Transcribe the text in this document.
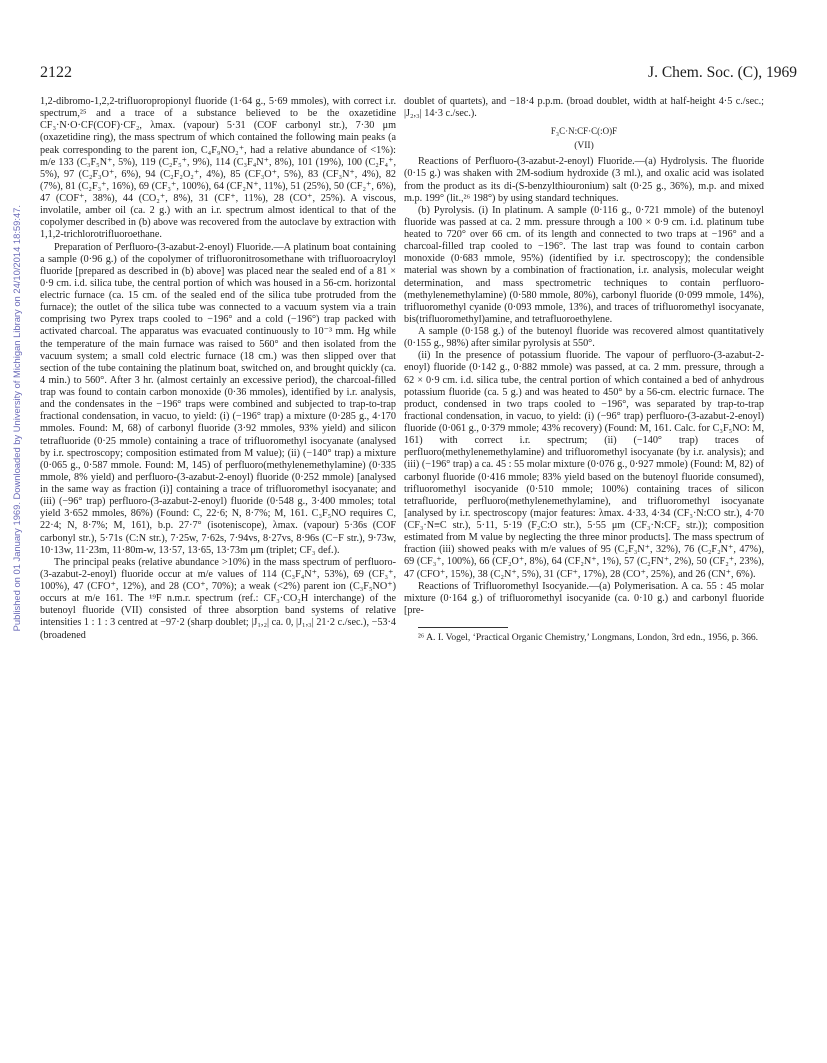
Published on 01 January 1969. Downloaded by University of Michigan Library on 24/10/2014 18:59:47.
2122	J. Chem. Soc. (C), 1969

1,2-dibromo-1,2,2-trifluoropropionyl fluoride (1·64 g., 5·69 mmoles), with correct i.r. spectrum,²⁵ and a trace of a substance believed to be the oxazetidine CF₃·N·O·CF(COF)·CF₂, λmax. (vapour) 5·31 (COF carbonyl str.), 7·30 μm (oxazetidine ring), the mass spectrum of which contained the following main peaks (a peak corresponding to the parent ion, C₄F₉NO₂⁺, had a relative abundance of <1%): m/e 133 (C₃F₅N⁺, 5%), 119 (C₂F₅⁺, 9%), 114 (C₃F₄N⁺, 8%), 101 (19%), 100 (C₂F₄⁺, 5%), 97 (C₂F₃O⁺, 6%), 94 (C₂F₂O₂⁺, 4%), 85 (CF₃O⁺, 5%), 83 (CF₃N⁺, 4%), 82 (7%), 81 (C₂F₃⁺, 16%), 69 (CF₃⁺, 100%), 64 (CF₂N⁺, 11%), 51 (25%), 50 (CF₂⁺, 6%), 47 (COF⁺, 38%), 44 (CO₂⁺, 8%), 31 (CF⁺, 11%), 28 (CO⁺, 25%). A viscous, involatile, amber oil (ca. 2 g.) with an i.r. spectrum almost identical to that of the copolymer described in (b) above was recovered from the autoclave by extraction with 1,1,2-trichlorotrifluoroethane.

Preparation of Perfluoro-(3-azabut-2-enoyl) Fluoride.—A platinum boat containing a sample (0·96 g.) of the copolymer of trifluoronitrosomethane with trifluoroacryloyl fluoride [prepared as described in (b) above] was placed near the sealed end of a 81 × 0·9 cm. i.d. silica tube, the central portion of which was housed in a 56-cm. horizontal electric furnace (ca. 15 cm. of the sealed end of the silica tube protruded from the furnace); the outlet of the silica tube was connected to a vacuum system via a train comprising two Pyrex traps cooled to −196° and a cold (−196°) trap packed with activated charcoal. The apparatus was evacuated continuously to 10⁻³ mm. Hg while the temperature of the main furnace was raised to 560° and then isolated from the vacuum system; a small cold electric furnace (18 cm.) was then slipped over that section of the tube containing the platinum boat, switched on, and brought quickly (ca. 4 min.) to 560°. After 3 hr. (almost certainly an excessive period), the charcoal-filled trap was found to contain carbon monoxide (0·36 mmoles), identified by i.r. analysis, and the condensates in the −196° traps were combined and subjected to trap-to-trap fractional condensation, in vacuo, to yield: (i) (−196° trap) a mixture (0·285 g., 4·170 mmoles. Found: M, 68) of carbonyl fluoride (3·92 mmoles, 93% yield) and silicon tetrafluoride (0·25 mmole) containing a trace of trifluoromethyl isocyanate (analysed by i.r. spectroscopy; composition estimated from M value); (ii) (−140° trap) a mixture (0·065 g., 0·587 mmole. Found: M, 145) of perfluoro(methylenemethylamine) (0·335 mmole, 8% yield) and perfluoro-(3-azabut-2-enoyl) fluoride (0·252 mmole) [analysed in the same way as fraction (i)] containing a trace of trifluoromethyl isocyanate; and (iii) (−96° trap) perfluoro-(3-azabut-2-enoyl) fluoride (0·548 g., 3·400 mmoles; total yield 3·652 mmoles, 86%) (Found: C, 22·6; N, 8·7%; M, 161. C₃F₅NO requires C, 22·4; N, 8·7%; M, 161), b.p. 27·7° (isoteniscope), λmax. (vapour) 5·36s (COF carbonyl str.), 5·71s (C:N str.), 7·25w, 7·62s, 7·94vs, 8·27vs, 8·96s (C−F str.), 9·73w, 10·13w, 11·23m, 11·80m-w, 13·57, 13·65, 13·73m μm (triplet; CF₃ def.).

The principal peaks (relative abundance >10%) in the mass spectrum of perfluoro-(3-azabut-2-enoyl) fluoride occur at m/e values of 114 (C₃F₄N⁺, 53%), 69 (CF₃⁺, 100%), 47 (CFO⁺, 12%), and 28 (CO⁺, 70%); a weak (<2%) parent ion (C₃F₅NO⁺) occurs at m/e 161. The ¹⁹F n.m.r. spectrum (ref.: CF₃·CO₂H interchange) of the butenoyl fluoride (VII) consisted of three absorption band systems of relative intensities 1 : 1 : 3 centred at −97·2 (sharp doublet; |J₁,₂| ca. 0, |J₁,₃| 21·2 c./sec.), −53·4 (broadened

doublet of quartets), and −18·4 p.p.m. (broad doublet, width at half-height 4·5 c./sec.; |J₂,₃| 14·3 c./sec.).

F₃C·N:CF·C(:O)F
(VII)

Reactions of Perfluoro-(3-azabut-2-enoyl) Fluoride.—(a) Hydrolysis. The fluoride (0·15 g.) was shaken with 2M-sodium hydroxide (3 ml.), and oxalic acid was isolated from the product as its di-(S-benzylthiouronium) salt (0·25 g., 36%), m.p. and mixed m.p. 199° (lit.,²⁶ 198°) by using standard techniques.

(b) Pyrolysis. (i) In platinum. A sample (0·116 g., 0·721 mmole) of the butenoyl fluoride was passed at ca. 2 mm. pressure through a 100 × 0·9 cm. i.d. platinum tube heated to 720° over 66 cm. of its length and connected to two traps at −196° and a charcoal-filled trap cooled to −196°. The last trap was found to contain carbon monoxide (0·683 mmole, 95%) (identified by i.r. spectroscopy); the condensible material was shown by a combination of fractionation, i.r. analysis, molecular weight determination, and mass spectrometric techniques to contain perfluoro-(methylenemethylamine) (0·580 mmole, 80%), carbonyl fluoride (0·099 mmole, 14%), trifluoromethyl cyanide (0·093 mmole, 13%), and traces of trifluoromethyl isocyanate, bis(trifluoromethyl)amine, and tetrafluoroethylene.

A sample (0·158 g.) of the butenoyl fluoride was recovered almost quantitatively (0·155 g., 98%) after similar pyrolysis at 550°.

(ii) In the presence of potassium fluoride. The vapour of perfluoro-(3-azabut-2-enoyl) fluoride (0·142 g., 0·882 mmole) was passed, at ca. 2 mm. pressure, through a 62 × 0·9 cm. i.d. silica tube, the central portion of which contained a bed of anhydrous potassium fluoride (ca. 5 g.) and was heated to 450° by a 56-cm. electric furnace. The product, condensed in two traps cooled to −196°, was separated by trap-to-trap fractional condensation, in vacuo, to yield: (i) (−96° trap) perfluoro-(3-azabut-2-enoyl) fluoride (0·061 g., 0·379 mmole; 43% recovery) (Found: M, 161. Calc. for C₃F₅NO: M, 161) with correct i.r. spectrum; (ii) (−140° trap) traces of perfluoro(methylenemethylamine) and trifluoromethyl isocyanate (by i.r. analysis); and (iii) (−196° trap) a ca. 45 : 55 molar mixture (0·076 g., 0·927 mmole) (Found: M, 82) of carbonyl fluoride (0·416 mmole; 83% yield based on the butenoyl fluoride consumed), trifluoromethyl isocyanide (0·510 mmole; 100%) containing traces of silicon tetrafluoride, perfluoro(methylenemethylamine), and trifluoromethyl isocyanate [analysed by i.r. spectroscopy (major features: λmax. 4·33, 4·34 (CF₃·N:CO str.), 4·70 (CF₃·N≡C str.), 5·11, 5·19 (F₂C:O str.), 5·55 μm (CF₃·N:CF₂ str.)); composition estimated from M value by neglecting the three minor products]. The mass spectrum of fraction (iii) showed peaks with m/e values of 95 (C₂F₃N⁺, 32%), 76 (C₂F₂N⁺, 47%), 69 (CF₃⁺, 100%), 66 (CF₂O⁺, 8%), 64 (CF₂N⁺, 1%), 57 (C₂FN⁺, 2%), 50 (CF₂⁺, 23%), 47 (CFO⁺, 15%), 38 (C₂N⁺, 5%), 31 (CF⁺, 17%), 28 (CO⁺, 25%), and 26 (CN⁺, 6%).

Reactions of Trifluoromethyl Isocyanide.—(a) Polymerisation. A ca. 55 : 45 molar mixture (0·164 g.) of trifluoromethyl isocyanide (ca. 0·10 g.) and carbonyl fluoride [pre-

²⁶ A. I. Vogel, ‘Practical Organic Chemistry,’ Longmans, London, 3rd edn., 1956, p. 366.
